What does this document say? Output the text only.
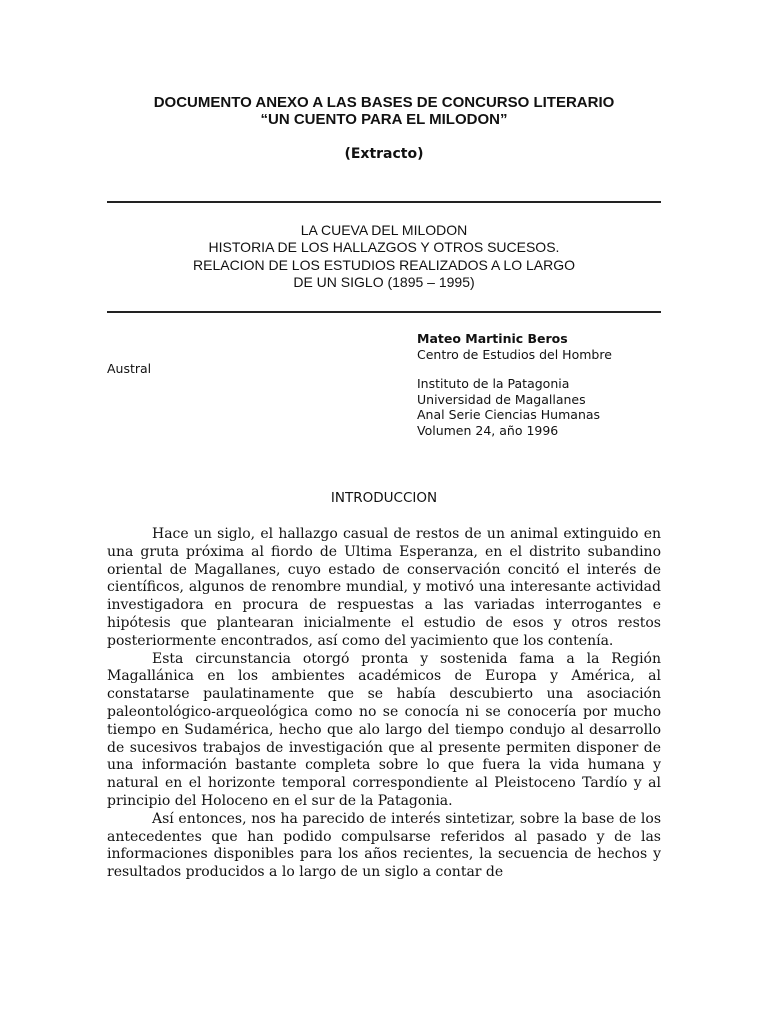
DOCUMENTO ANEXO A LAS BASES DE CONCURSO LITERARIO
“UN CUENTO PARA EL MILODON”
(Extracto)
LA CUEVA DEL MILODON
HISTORIA DE LOS HALLAZGOS Y OTROS SUCESOS.
RELACION DE LOS ESTUDIOS REALIZADOS A LO LARGO
DE UN SIGLO (1895 – 1995)
Mateo Martinic Beros
Centro de Estudios del Hombre
Austral
Instituto de la Patagonia
Universidad de Magallanes
Anal Serie Ciencias Humanas
Volumen 24, año 1996
INTRODUCCION

Hace un siglo, el hallazgo casual de restos de un animal extinguido en una gruta próxima al fiordo de Ultima Esperanza, en el distrito subandino oriental de Magallanes, cuyo estado de conservación concitó el interés de científicos, algunos de renombre mundial, y motivó una interesante actividad investigadora en procura de respuestas a las variadas interrogantes e hipótesis que plantearan inicialmente el estudio de esos y otros restos posteriormente encontrados, así como del yacimiento que los contenía.

Esta circunstancia otorgó pronta y sostenida fama a la Región Magallánica en los ambientes académicos de Europa y América, al constatarse paulatinamente que se había descubierto una asociación paleontológico-arqueológica como no se conocía ni se conocería por mucho tiempo en Sudamérica, hecho que alo largo del tiempo condujo al desarrollo de sucesivos trabajos de investigación que al presente permiten disponer de una información bastante completa sobre lo que fuera la vida humana y natural en el horizonte temporal correspondiente al Pleistoceno Tardío y al principio del Holoceno en el sur de la Patagonia.

Así entonces, nos ha parecido de interés sintetizar, sobre la base de los antecedentes que han podido compulsarse referidos al pasado y de las informaciones disponibles para los años recientes, la secuencia de hechos y resultados producidos a lo largo de un siglo a contar de
